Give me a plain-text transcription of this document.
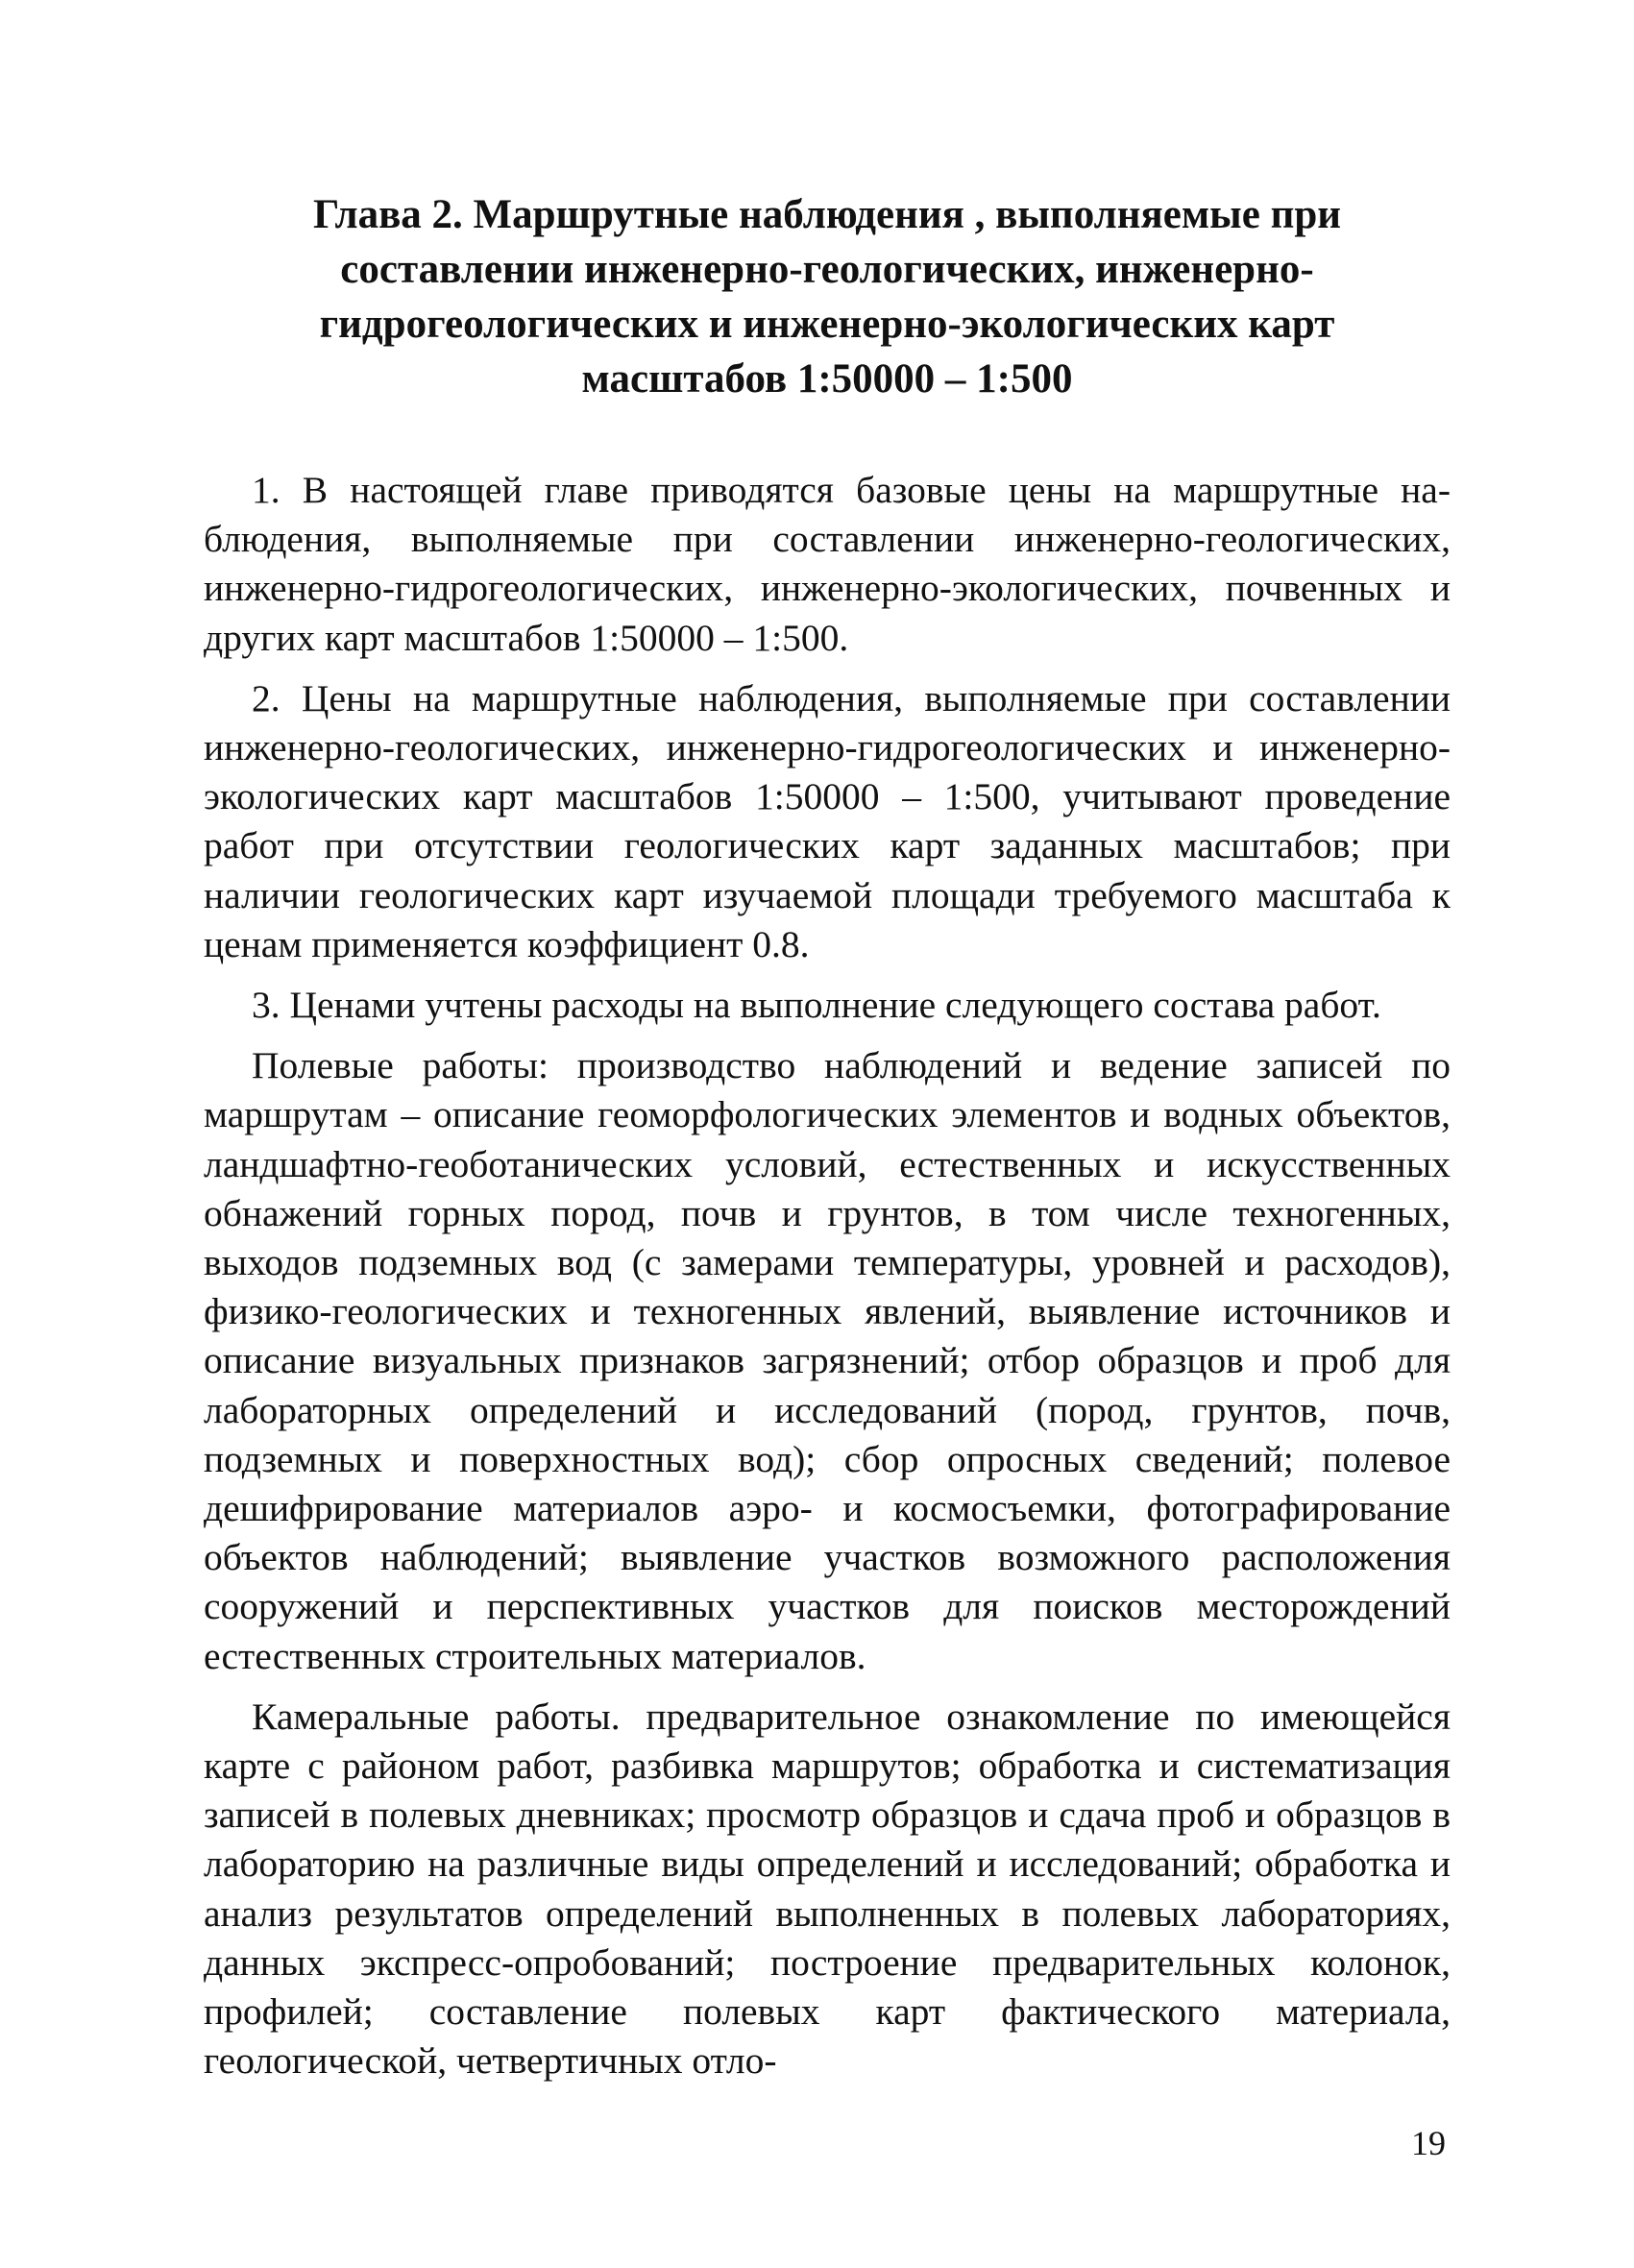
Глава 2. Маршрутные наблюдения , выполняемые при
составлении инженерно-геологических, инженерно-
гидрогеологических и инженерно-экологических карт
масштабов 1:50000 – 1:500

1. В настоящей главе приводятся базовые цены на маршрутные наблюдения, выполняемые при составлении инженерно-геологических, инженерно-гидрогеологических, инженерно-экологических, почвенных и других карт масштабов 1:50000 – 1:500.

2. Цены на маршрутные наблюдения, выполняемые при составлении инженерно-геологических, инженерно-гидрогеологических и инженерно-экологических карт масштабов 1:50000 – 1:500, учитывают проведение работ при отсутствии геологических карт заданных масштабов; при наличии геологических карт изучаемой площади требуемого масштаба к ценам применяется коэффициент 0.8.

3. Ценами учтены расходы на выполнение следующего состава работ.

Полевые работы: производство наблюдений и ведение записей по маршрутам – описание геоморфологических элементов и водных объектов, ландшафтно-геоботанических условий, естественных и искусственных обнажений горных пород, почв и грунтов, в том числе техногенных, выходов подземных вод (с замерами температуры, уровней и расходов), физико-геологических и техногенных явлений, выявление источников и описание визуальных признаков загрязнений; отбор образцов и проб для лабораторных определений и исследований (пород, грунтов, почв, подземных и поверхностных вод); сбор опросных сведений; полевое дешифрирование материалов аэро- и космосъемки, фотографирование объектов наблюдений; выявление участков возможного расположения сооружений и перспективных участков для поисков месторождений естественных строительных материалов.

Камеральные работы. предварительное ознакомление по имеющейся карте с районом работ, разбивка маршрутов; обработка и систематизация записей в полевых дневниках; просмотр образцов и сдача проб и образцов в лабораторию на различные виды определений и исследований; обработка и анализ результатов определений выполненных в полевых лабораториях, данных экспресс-опробований; построение предварительных колонок, профилей; составление полевых карт фактического материала, геологической, четвертичных отло-

19
